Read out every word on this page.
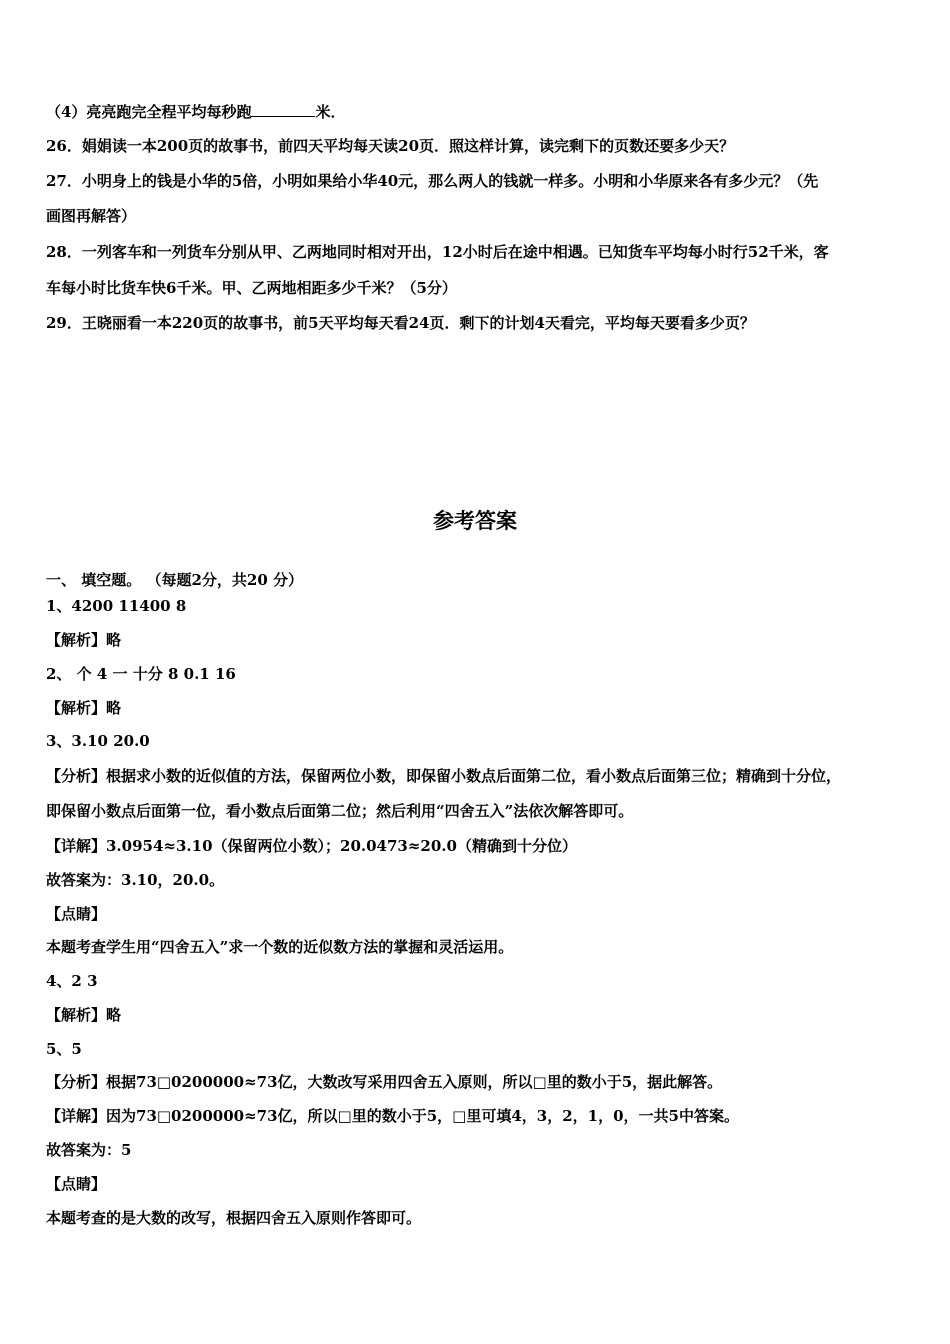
（4）亮亮跑完全程平均每秒跑	米．
26．娟娟读一本200页的故事书，前四天平均每天读20页．照这样计算，读完剩下的页数还要多少天？
27．小明身上的钱是小华的5倍，小明如果给小华40元，那么两人的钱就一样多。小明和小华原来各有多少元？（先
画图再解答）
28．一列客车和一列货车分别从甲、乙两地同时相对开出，12小时后在途中相遇。已知货车平均每小时行52千米，客
车每小时比货车快6千米。甲、乙两地相距多少千米？（5分）
29．王晓丽看一本220页的故事书，前5天平均每天看24页．剩下的计划4天看完，平均每天要看多少页？
参考答案
一、 填空题。 （每题2分，共20 分）
1、4200 11400 8
【解析】略
2、 个 4 一 十分 8 0.1 16
【解析】略
3、3.10 20.0
【分析】根据求小数的近似值的方法，保留两位小数，即保留小数点后面第二位，看小数点后面第三位；精确到十分位，
即保留小数点后面第一位，看小数点后面第二位；然后利用“四舍五入”法依次解答即可。
【详解】3.0954≈3.10（保留两位小数）；20.0473≈20.0（精确到十分位）
故答案为：3.10，20.0。
【点睛】
本题考查学生用“四舍五入”求一个数的近似数方法的掌握和灵活运用。
4、2 3
【解析】略
5、5
【分析】根据73□0200000≈73亿，大数改写采用四舍五入原则，所以□里的数小于5，据此解答。
【详解】因为73□0200000≈73亿，所以□里的数小于5，□里可填4，3，2，1，0，一共5中答案。
故答案为：5
【点睛】
本题考查的是大数的改写，根据四舍五入原则作答即可。
